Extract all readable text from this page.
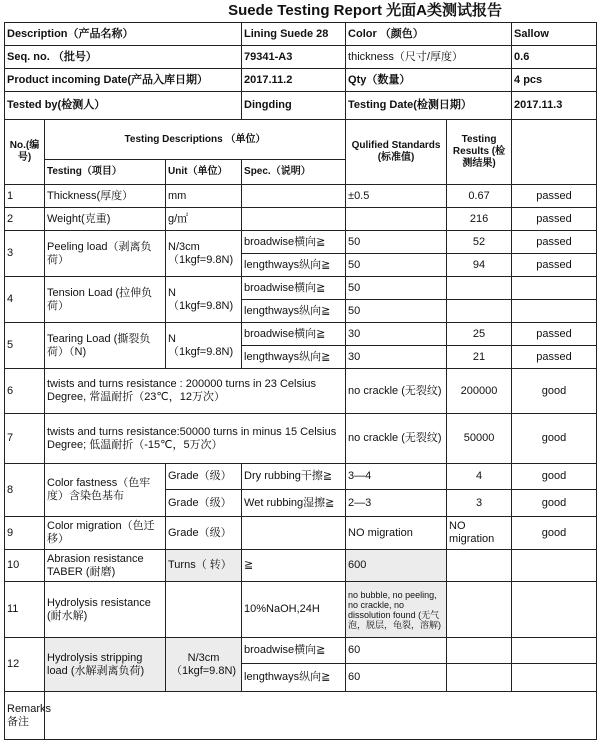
Suede Testing Report 光面A类测试报告
Description（产品名称）			Lining Suede 28	Color （颜色）		Sallow
Seq. no. （批号）			79341-A3	thickness（尺寸/厚度）		0.6
Product incoming Date(产品入库日期）			2017.11.2	Qty（数量）		4 pcs
Tested by(检测人）			Dingding	Testing Date(检测日期）		2017.11.3
No.(编号)	Testing Descriptions （单位）			Qulified Standards (标准值)	Testing Results (检测结果)	
	Testing（项目）	Unit（单位）	Spec.（说明）			
1	Thickness(厚度）	mm		±0.5	0.67	passed
2	Weight(克重)	g/㎡			216	passed
3	Peeling load（剥离负荷）	N/3cm （1kgf=9.8N)	broadwise横向≧	50	52	passed
			lengthways纵向≧	50	94	passed
4	Tension Load (拉伸负荷）	N （1kgf=9.8N)	broadwise横向≧	50		
			lengthways纵向≧	50		
5	Tearing Load (撕裂负荷）（N)	N （1kgf=9.8N)	broadwise横向≧	30	25	passed
			lengthways纵向≧	30	21	passed
6	twists and turns resistance : 200000 turns in 23 Celsius Degree, 常温耐折（23℃，12万次）			no crackle (无裂纹)	200000	good
7	twists and turns resistance:50000 turns in minus 15 Celsius Degree; 低温耐折（-15℃，5万次）			no crackle (无裂纹)	50000	good
8	Color fastness（色牢度）含染色基布	Grade（级）	Dry rubbing干擦≧	3—4	4	good
		Grade（级）	Wet rubbing湿擦≧	2—3	3	good
9	Color migration（色迁移）	Grade（级）		NO migration	NO migration	good
10	Abrasion resistance TABER (耐磨)	Turns（ 转）	≧	600		
11	Hydrolysis resistance (耐水解)		10%NaOH,24H	no bubble, no peeling, no crackle, no dissolution found (无气泡，脱层，龟裂，溶解)		
12	Hydrolysis stripping load (水解剥离负荷)	N/3cm （1kgf=9.8N)	broadwise横向≧	60		
			lengthways纵向≧	60		
Remarks 备注						
